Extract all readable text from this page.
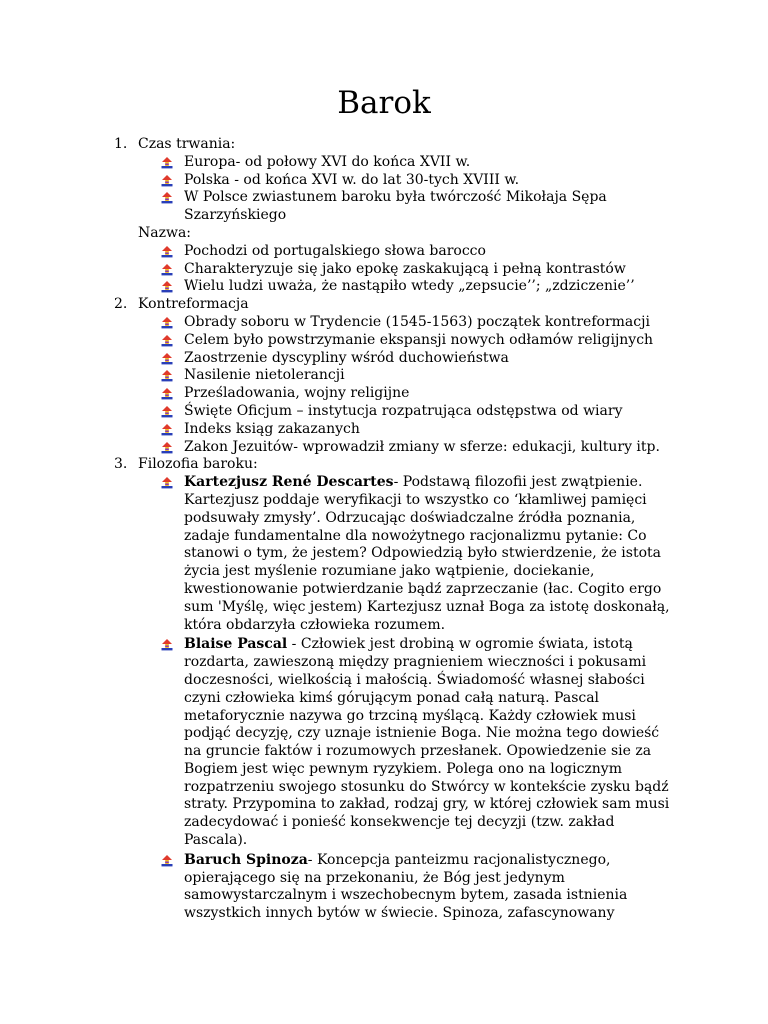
Barok
1. Czas trwania:
Europa- od połowy XVI do końca XVII w.
Polska - od końca XVI w. do lat 30-tych XVIII w.
W Polsce zwiastunem baroku była twórczość Mikołaja Sępa Szarzyńskiego
Nazwa:
Pochodzi od portugalskiego słowa barocco
Charakteryzuje się jako epokę zaskakującą i pełną kontrastów
Wielu ludzi uważa, że nastąpiło wtedy „zepsucie’’; „zdziczenie’’
2. Kontreformacja
Obrady soboru w Trydencie (1545-1563) początek kontreformacji
Celem było powstrzymanie ekspansji nowych odłamów religijnych
Zaostrzenie dyscypliny wśród duchowieństwa
Nasilenie nietolerancji
Prześladowania, wojny religijne
Święte Oficjum – instytucja rozpatrująca odstępstwa od wiary
Indeks ksiąg zakazanych
Zakon Jezuitów- wprowadził zmiany w sferze: edukacji, kultury itp.
3. Filozofia baroku:
Kartezjusz René Descartes- Podstawą filozofii jest zwątpienie. Kartezjusz poddaje weryfikacji to wszystko co ‘kłamliwej pamięci podsuwały zmysły’. Odrzucając doświadczalne źródła poznania, zadaje fundamentalne dla nowożytnego racjonalizmu pytanie: Co stanowi o tym, że jestem? Odpowiedzią było stwierdzenie, że istota życia jest myślenie rozumiane jako wątpienie, dociekanie, kwestionowanie potwierdzanie bądź zaprzeczanie (łac. Cogito ergo sum 'Myślę, więc jestem) Kartezjusz uznał Boga za istotę doskonałą, która obdarzyła człowieka rozumem.
Blaise Pascal - Człowiek jest drobiną w ogromie świata, istotą rozdarta, zawieszoną między pragnieniem wieczności i pokusami doczesności, wielkością i małością. Świadomość własnej słabości czyni człowieka kimś górującym ponad całą naturą. Pascal metaforycznie nazywa go trzciną myślącą. Każdy człowiek musi podjąć decyzję, czy uznaje istnienie Boga. Nie można tego dowieść na gruncie faktów i rozumowych przesłanek. Opowiedzenie sie za Bogiem jest więc pewnym ryzykiem. Polega ono na logicznym rozpatrzeniu swojego stosunku do Stwórcy w kontekście zysku bądź straty. Przypomina to zakład, rodzaj gry, w której człowiek sam musi zadecydować i ponieść konsekwencje tej decyzji (tzw. zakład Pascala).
Baruch Spinoza- Koncepcja panteizmu racjonalistycznego, opierającego się na przekonaniu, że Bóg jest jedynym samowystarczalnym i wszechobecnym bytem, zasada istnienia wszystkich innych bytów w świecie. Spinoza, zafascynowany
